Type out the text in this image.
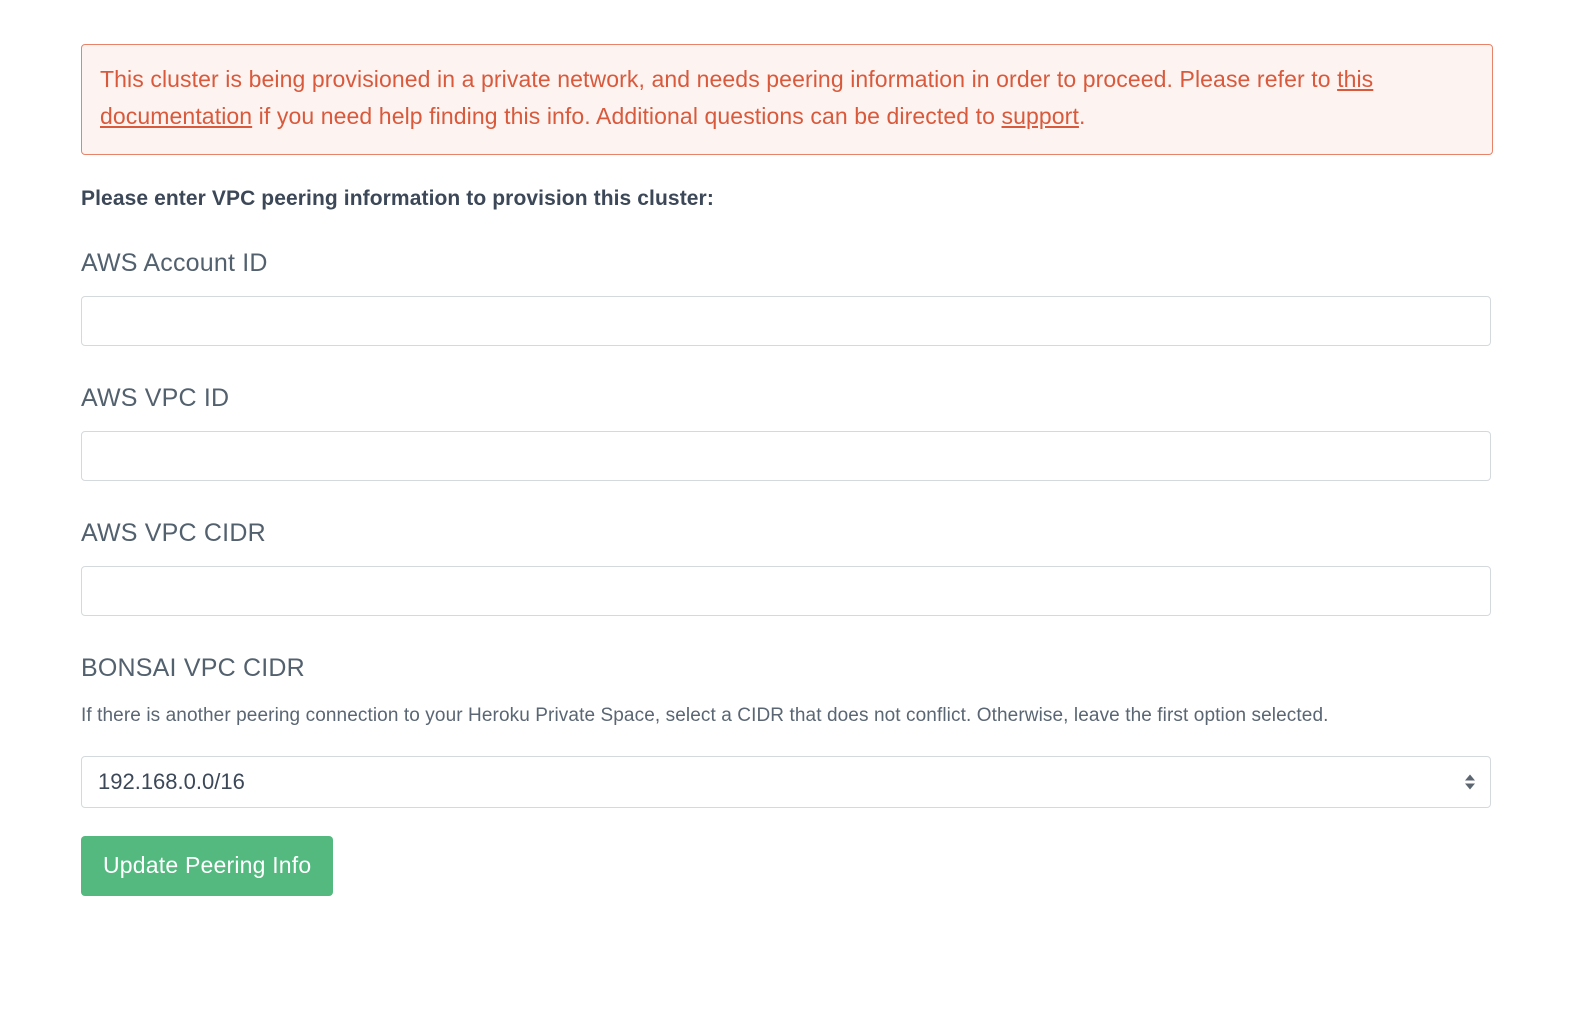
This cluster is being provisioned in a private network, and needs peering information in order to proceed. Please refer to this documentation if you need help finding this info. Additional questions can be directed to support.
Please enter VPC peering information to provision this cluster:
AWS Account ID
AWS VPC ID
AWS VPC CIDR
BONSAI VPC CIDR
If there is another peering connection to your Heroku Private Space, select a CIDR that does not conflict. Otherwise, leave the first option selected.
192.168.0.0/16
Update Peering Info
